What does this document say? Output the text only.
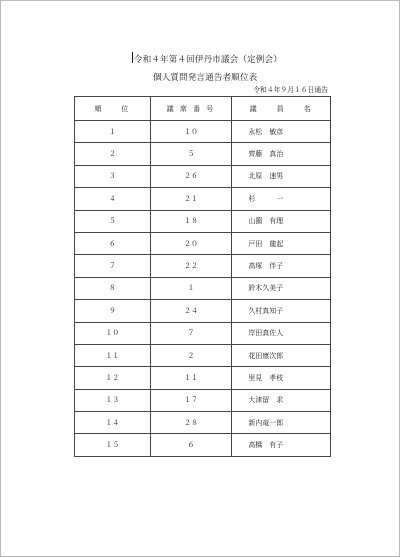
令和４年第４回伊丹市議会（定例会）
個人質問発言通告者順位表
令和４年９月１６日通告
順　　位	議 席 番 号	議　　員　　名
１	１０	永松　敏彦
２	５	齊藤　真治
３	２６	北原　速男
４	２１	杉　　　一
５	１８	山薗　有理
６	２０	戸田　龍起
７	２２	高塚　伴子
８	１	鈴木久美子
９	２４	久村真知子
１０	７	岸田真佐人
１１	２	花田康次郎
１２	１１	里見　孝枝
１３	１７	大津留　求
１４	２８	新内竜一郎
１５	６	高橋　有子
